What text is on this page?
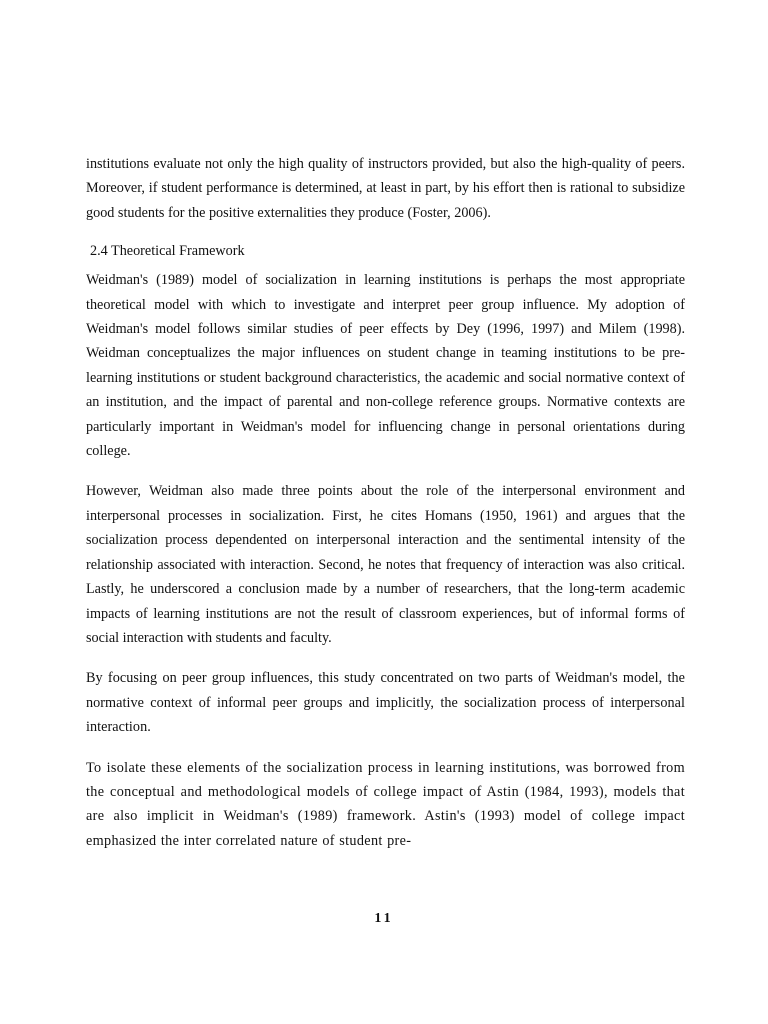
institutions evaluate not only the high quality of instructors provided, but also the high-quality of peers. Moreover, if student performance is determined, at least in part, by his effort then is rational to subsidize good students for the positive externalities they produce (Foster, 2006).

2.4 Theoretical Framework

Weidman's (1989) model of socialization in learning institutions is perhaps the most appropriate theoretical model with which to investigate and interpret peer group influence. My adoption of Weidman's model follows similar studies of peer effects by Dey (1996, 1997) and Milem (1998). Weidman conceptualizes the major influences on student change in teaming institutions to be pre- learning institutions or student background characteristics, the academic and social normative context of an institution, and the impact of parental and non-college reference groups. Normative contexts are particularly important in Weidman's model for influencing change in personal orientations during college.

However, Weidman also made three points about the role of the interpersonal environment and interpersonal processes in socialization. First, he cites Homans (1950, 1961) and argues that the socialization process dependented on interpersonal interaction and the sentimental intensity of the relationship associated with interaction. Second, he notes that frequency of interaction was also critical. Lastly, he underscored a conclusion made by a number of researchers, that the long-term academic impacts of learning institutions are not the result of classroom experiences, but of informal forms of social interaction with students and faculty.

By focusing on peer group influences, this study concentrated on two parts of Weidman's model, the normative context of informal peer groups and implicitly, the socialization process of interpersonal interaction.

To isolate these elements of the socialization process in learning institutions, was borrowed from the conceptual and methodological models of college impact of Astin (1984, 1993), models that are also implicit in Weidman's (1989) framework. Astin's (1993) model of college impact emphasized the inter correlated nature of student pre-

11
